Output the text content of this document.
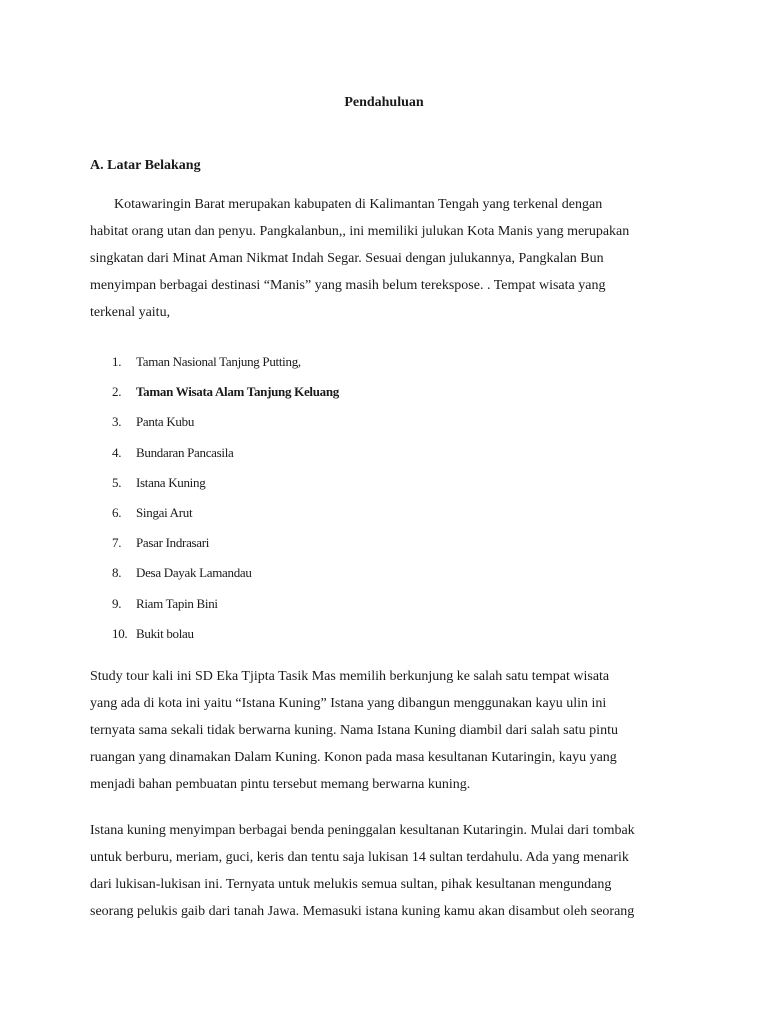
Pendahuluan
A. Latar Belakang
Kotawaringin Barat merupakan kabupaten di Kalimantan Tengah yang terkenal dengan
habitat orang utan dan penyu. Pangkalanbun,, ini memiliki julukan Kota Manis yang merupakan
singkatan dari Minat Aman Nikmat Indah Segar. Sesuai dengan julukannya, Pangkalan Bun
menyimpan berbagai destinasi “Manis” yang masih belum terekspose. . Tempat wisata yang
terkenal yaitu,
1.	Taman Nasional Tanjung Putting,
2.	Taman Wisata Alam Tanjung Keluang
3.	Panta Kubu
4.	Bundaran Pancasila
5.	Istana Kuning
6.	Singai Arut
7.	Pasar Indrasari
8.	Desa Dayak Lamandau
9.	Riam Tapin Bini
10. Bukit bolau
Study tour kali ini SD Eka Tjipta Tasik Mas memilih berkunjung ke salah satu tempat wisata
yang ada di kota ini yaitu “Istana Kuning” Istana yang dibangun menggunakan kayu ulin ini
ternyata sama sekali tidak berwarna kuning. Nama Istana Kuning diambil dari salah satu pintu
ruangan yang dinamakan Dalam Kuning. Konon pada masa kesultanan Kutaringin, kayu yang
menjadi bahan pembuatan pintu tersebut memang berwarna kuning.
Istana kuning menyimpan berbagai benda peninggalan kesultanan Kutaringin. Mulai dari tombak
untuk berburu, meriam, guci, keris dan tentu saja lukisan 14 sultan terdahulu. Ada yang menarik
dari lukisan-lukisan ini. Ternyata untuk melukis semua sultan, pihak kesultanan mengundang
seorang pelukis gaib dari tanah Jawa. Memasuki istana kuning kamu akan disambut oleh seorang
